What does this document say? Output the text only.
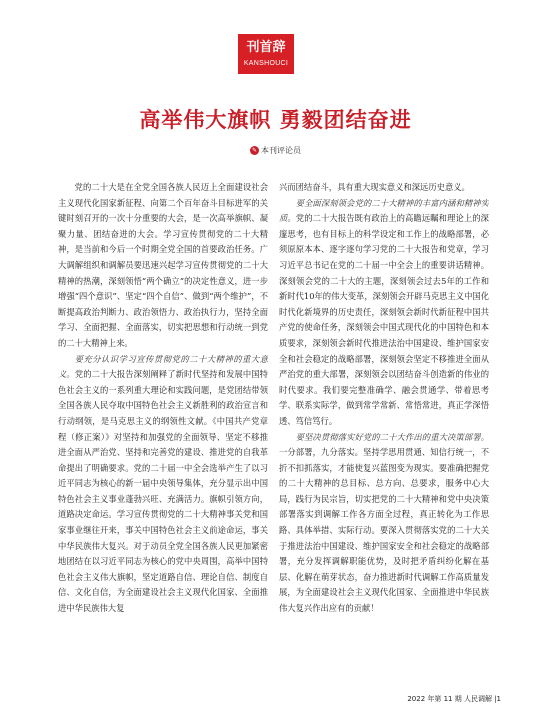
刊首辞
KANSHOUCI
高举伟大旗帜 勇毅团结奋进
✎ 本刊评论员

党的二十大是在全党全国各族人民迈上全面建设社会主义现代化国家新征程、向第二个百年奋斗目标进军的关键时刻召开的一次十分重要的大会，是一次高举旗帜、凝聚力量、团结奋进的大会。学习宣传贯彻党的二十大精神，是当前和今后一个时期全党全国的首要政治任务。广大调解组织和调解员要迅速兴起学习宣传贯彻党的二十大精神的热潮，深刻领悟“两个确立”的决定性意义，进一步增强“四个意识”、坚定“四个自信”、做到“两个维护”，不断提高政治判断力、政治领悟力、政治执行力，坚持全面学习、全面把握、全面落实，切实把思想和行动统一到党的二十大精神上来。

要充分认识学习宣传贯彻党的二十大精神的重大意义。党的二十大报告深刻阐释了新时代坚持和发展中国特色社会主义的一系列重大理论和实践问题，是党团结带领全国各族人民夺取中国特色社会主义新胜利的政治宣言和行动纲领，是马克思主义的纲领性文献。《中国共产党章程（修正案）》对坚持和加强党的全面领导、坚定不移推进全面从严治党、坚持和完善党的建设、推进党的自我革命提出了明确要求。党的二十届一中全会选举产生了以习近平同志为核心的新一届中央领导集体，充分显示出中国特色社会主义事业蓬勃兴旺、充满活力。旗帜引领方向，道路决定命运。学习宣传贯彻党的二十大精神事关党和国家事业继往开来，事关中国特色社会主义前途命运，事关中华民族伟大复兴。对于动员全党全国各族人民更加紧密地团结在以习近平同志为核心的党中央周围，高举中国特色社会主义伟大旗帜，坚定道路自信、理论自信、制度自信、文化自信，为全面建设社会主义现代化国家、全面推进中华民族伟大复

兴而团结奋斗，具有重大现实意义和深远历史意义。

要全面深刻领会党的二十大精神的丰富内涵和精神实质。党的二十大报告既有政治上的高瞻远瞩和理论上的深邃思考，也有目标上的科学设定和工作上的战略部署，必须原原本本、逐字逐句学习党的二十大报告和党章，学习习近平总书记在党的二十届一中全会上的重要讲话精神。深刻领会党的二十大的主题，深刻领会过去5年的工作和新时代10年的伟大变革，深刻领会开辟马克思主义中国化时代化新境界的历史责任，深刻领会新时代新征程中国共产党的使命任务，深刻领会中国式现代化的中国特色和本质要求，深刻领会新时代推进法治中国建设、维护国家安全和社会稳定的战略部署，深刻领会坚定不移推进全面从严治党的重大部署，深刻领会以团结奋斗创造新的伟业的时代要求。我们要完整准确学、融会贯通学、带着思考学、联系实际学，做到常学常新、常悟常进，真正学深悟透、笃信笃行。

要坚决贯彻落实好党的二十大作出的重大决策部署。一分部署，九分落实。坚持学思用贯通、知信行统一，不折不扣抓落实，才能使复兴蓝图变为现实。要准确把握党的二十大精神的总目标、总方向、总要求，服务中心大局，践行为民宗旨，切实把党的二十大精神和党中央决策部署落实到调解工作各方面全过程，真正转化为工作思路、具体举措、实际行动。要深入贯彻落实党的二十大关于推进法治中国建设、维护国家安全和社会稳定的战略部署，充分发挥调解职能优势，及时把矛盾纠纷化解在基层、化解在萌芽状态，奋力推进新时代调解工作高质量发展，为全面建设社会主义现代化国家、全面推进中华民族伟大复兴作出应有的贡献！

2022 年第 11 期 人民调解 |1
